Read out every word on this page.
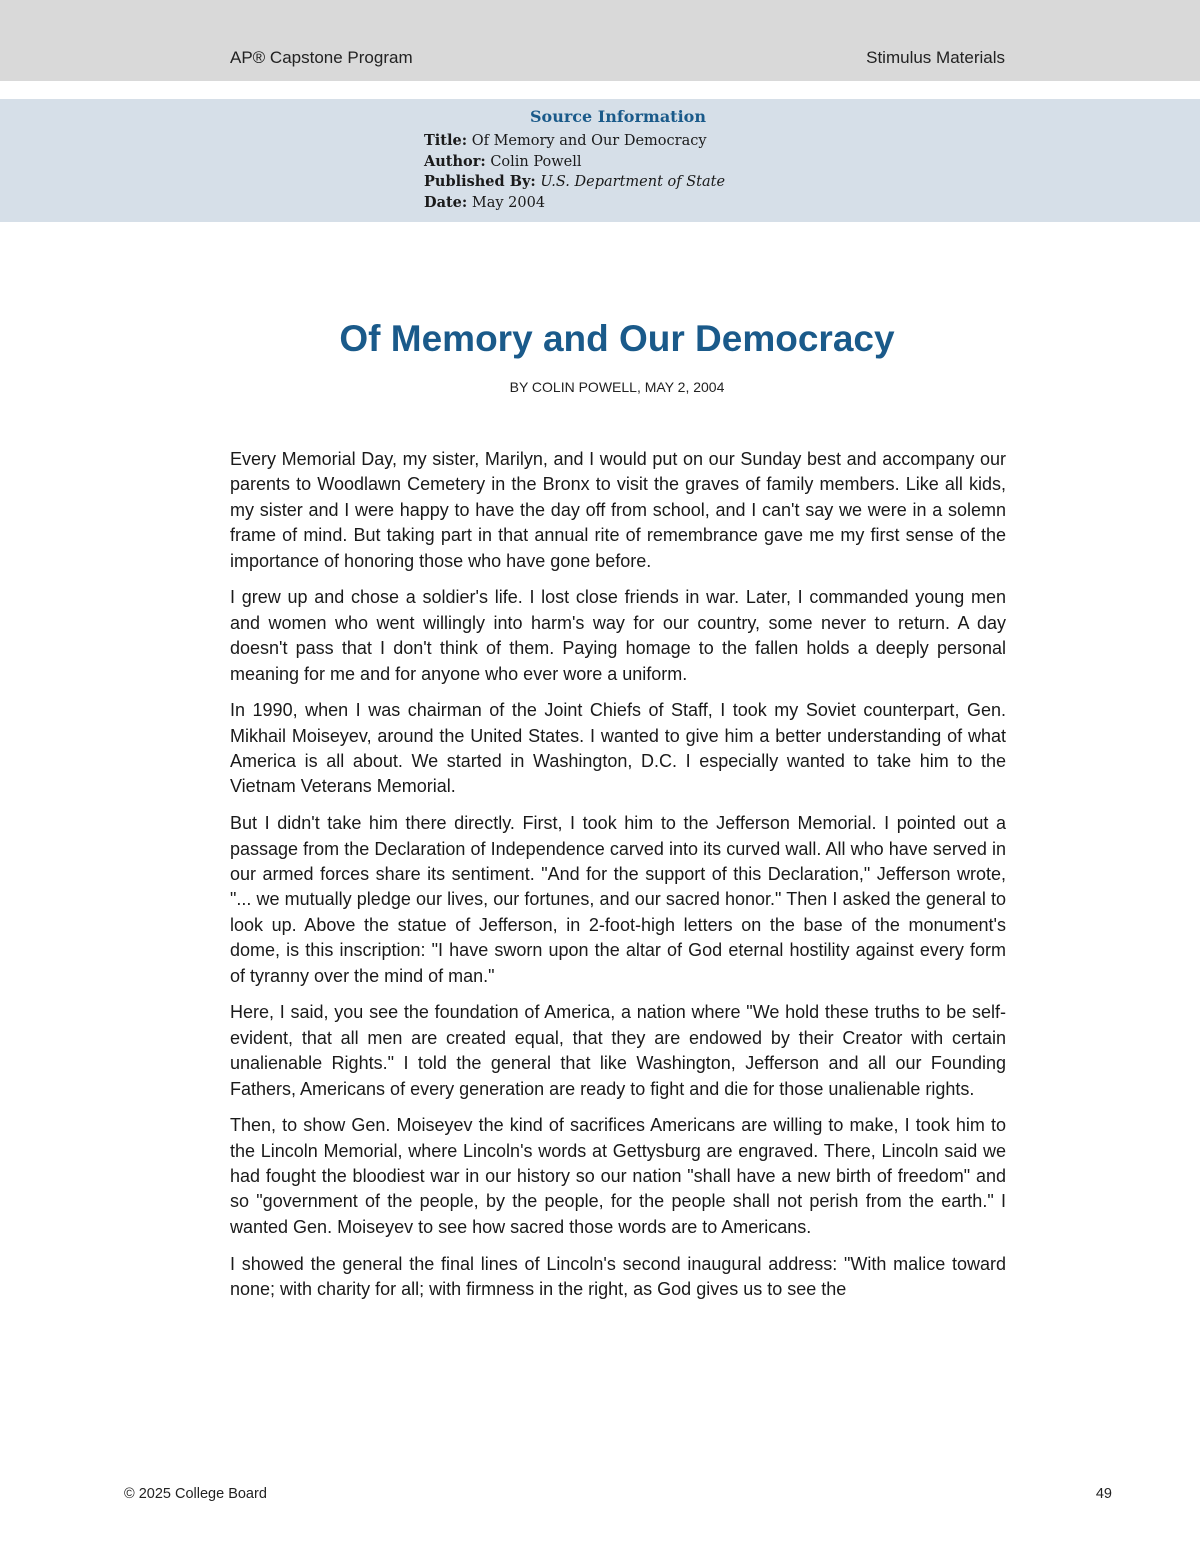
AP® Capstone Program	Stimulus Materials
Source Information
Title: Of Memory and Our Democracy
Author: Colin Powell
Published By: U.S. Department of State
Date: May 2004
Of Memory and Our Democracy
BY COLIN POWELL, MAY 2, 2004

Every Memorial Day, my sister, Marilyn, and I would put on our Sunday best and accompany our parents to Woodlawn Cemetery in the Bronx to visit the graves of family members. Like all kids, my sister and I were happy to have the day off from school, and I can't say we were in a solemn frame of mind. But taking part in that annual rite of remembrance gave me my first sense of the importance of honoring those who have gone before.

I grew up and chose a soldier's life. I lost close friends in war. Later, I commanded young men and women who went willingly into harm's way for our country, some never to return. A day doesn't pass that I don't think of them. Paying homage to the fallen holds a deeply personal meaning for me and for anyone who ever wore a uniform.

In 1990, when I was chairman of the Joint Chiefs of Staff, I took my Soviet counterpart, Gen. Mikhail Moiseyev, around the United States. I wanted to give him a better understanding of what America is all about. We started in Washington, D.C. I especially wanted to take him to the Vietnam Veterans Memorial.

But I didn't take him there directly. First, I took him to the Jefferson Memorial. I pointed out a passage from the Declaration of Independence carved into its curved wall. All who have served in our armed forces share its sentiment. "And for the support of this Declaration," Jefferson wrote, "... we mutually pledge our lives, our fortunes, and our sacred honor." Then I asked the general to look up. Above the statue of Jefferson, in 2-foot-high letters on the base of the monument's dome, is this inscription: "I have sworn upon the altar of God eternal hostility against every form of tyranny over the mind of man."

Here, I said, you see the foundation of America, a nation where "We hold these truths to be self-evident, that all men are created equal, that they are endowed by their Creator with certain unalienable Rights." I told the general that like Washington, Jefferson and all our Founding Fathers, Americans of every generation are ready to fight and die for those unalienable rights.

Then, to show Gen. Moiseyev the kind of sacrifices Americans are willing to make, I took him to the Lincoln Memorial, where Lincoln's words at Gettysburg are engraved. There, Lincoln said we had fought the bloodiest war in our history so our nation "shall have a new birth of freedom" and so "government of the people, by the people, for the people shall not perish from the earth." I wanted Gen. Moiseyev to see how sacred those words are to Americans.

I showed the general the final lines of Lincoln's second inaugural address: "With malice toward none; with charity for all; with firmness in the right, as God gives us to see the

© 2025 College Board	49
